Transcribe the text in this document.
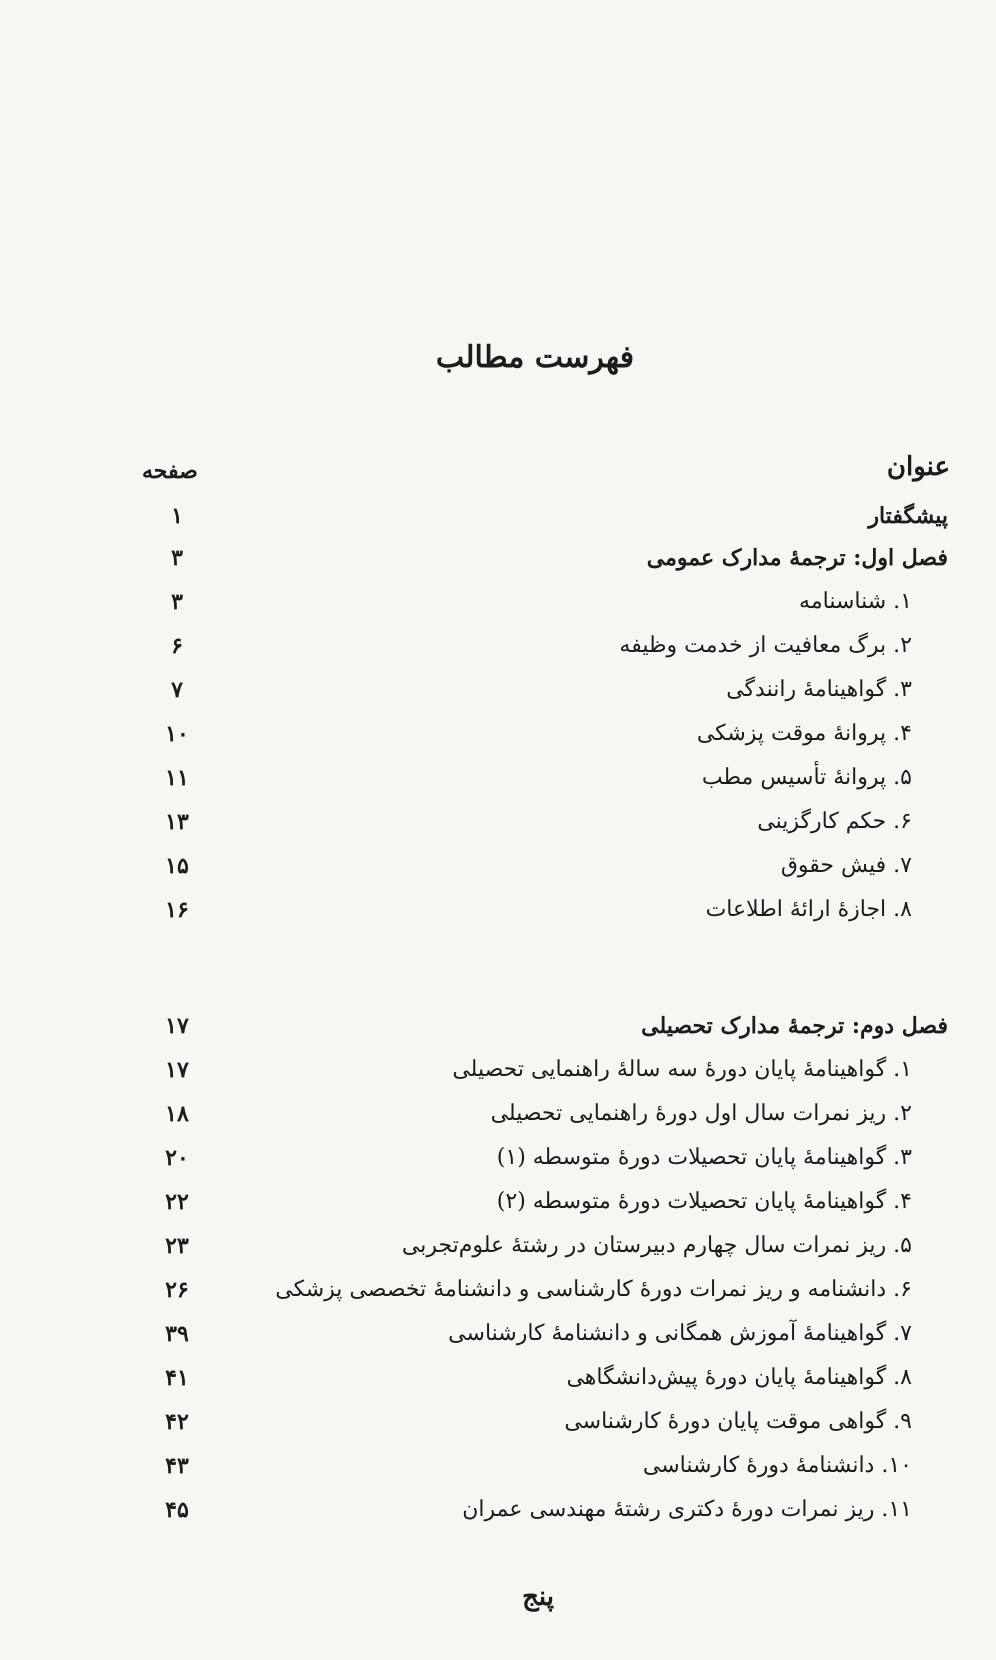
فهرست مطالب
عنوان
صفحه
پیشگفتار
۱
فصل اول: ترجمهٔ مدارک عمومی
۳
۱. شناسنامه
۳
۲. برگ معافیت از خدمت وظیفه
۶
۳. گواهینامهٔ رانندگی
۷
۴. پروانهٔ موقت پزشکی
۱۰
۵. پروانهٔ تأسیس مطب
۱۱
۶. حکم کارگزینی
۱۳
۷. فیش حقوق
۱۵
۸. اجازهٔ ارائهٔ اطلاعات
۱۶
فصل دوم: ترجمهٔ مدارک تحصیلی
۱۷
۱. گواهینامهٔ پایان دورهٔ سه سالهٔ راهنمایی تحصیلی
۱۷
۲. ریز نمرات سال اول دورهٔ راهنمایی تحصیلی
۱۸
۳. گواهینامهٔ پایان تحصیلات دورهٔ متوسطه (۱)
۲۰
۴. گواهینامهٔ پایان تحصیلات دورهٔ متوسطه (۲)
۲۲
۵. ریز نمرات سال چهارم دبیرستان در رشتهٔ علوم‌تجربی
۲۳
۶. دانشنامه و ریز نمرات دورهٔ کارشناسی و دانشنامهٔ تخصصی پزشکی
۲۶
۷. گواهینامهٔ آموزش همگانی و دانشنامهٔ کارشناسی
۳۹
۸. گواهینامهٔ پایان دورهٔ پیش‌دانشگاهی
۴۱
۹. گواهی موقت پایان دورهٔ کارشناسی
۴۲
۱۰. دانشنامهٔ دورهٔ کارشناسی
۴۳
۱۱. ریز نمرات دورهٔ دکتری رشتهٔ مهندسی عمران
۴۵
پنج
